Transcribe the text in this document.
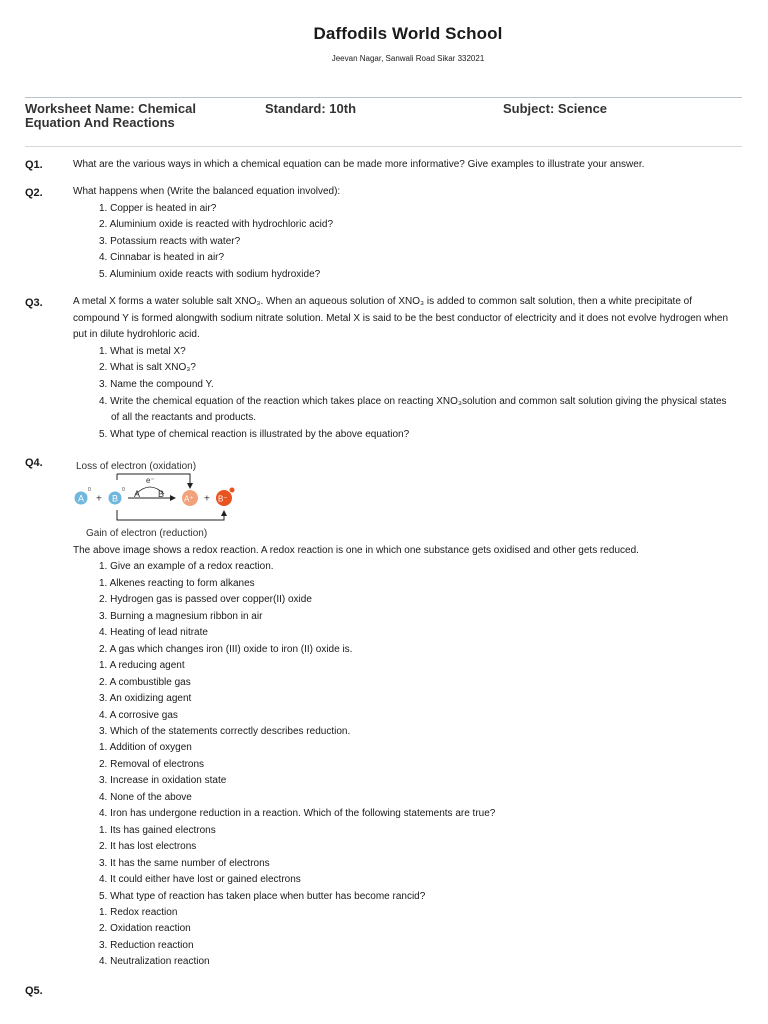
Daffodils World School
Jeevan Nagar, Sanwali Road Sikar 332021
Worksheet Name: Chemical Equation And Reactions
Standard: 10th	Subject: Science
Q1.	What are the various ways in which a chemical equation can be made more informative? Give examples to illustrate your answer.

Q2.	What happens when (Write the balanced equation involved):

1. Copper is heated in air?
2. Aluminium oxide is reacted with hydrochloric acid?
3. Potassium reacts with water?
4. Cinnabar is heated in air?
5. Aluminium oxide reacts with sodium hydroxide?
Q3.	A metal X forms a water soluble salt XNO₃. When an aqueous solution of XNO₃ is added to common salt solution, then a white precipitate of compound Y is formed alongwith sodium nitrate solution. Metal X is said to be the best conductor of electricity and it does not evolve hydrogen when put in dilute hydrohloric acid.

1. What is metal X?
2. What is salt XNO₃?
3. Name the compound Y.
4. Write the chemical equation of the reaction which takes place on reacting XNO₃solution and common salt solution giving the physical states of all the reactants and products.
5. What type of chemical reaction is illustrated by the above equation?
Q4.	Loss of electron (oxidation)
e⁻
A B
A
0
+ B
0
A⁺ + B⁻
Gain of electron (reduction)

The above image shows a redox reaction. A redox reaction is one in which one substance gets oxidised and other gets reduced.

1. Give an example of a redox reaction.

1. Alkenes reacting to form alkanes

2. Hydrogen gas is passed over copper(II) oxide

3. Burning a magnesium ribbon in air

4. Heating of lead nitrate

2. A gas which changes iron (III) oxide to iron (II) oxide is.

1. A reducing agent

2. A combustible gas

3. An oxidizing agent

4. A corrosive gas

3. Which of the statements correctly describes reduction.

1. Addition of oxygen

2. Removal of electrons

3. Increase in oxidation state

4. None of the above

4. Iron has undergone reduction in a reaction. Which of the following statements are true?

1. Its has gained electrons

2. It has lost electrons

3. It has the same number of electrons

4. It could either have lost or gained electrons

5. What type of reaction has taken place when butter has become rancid?

1. Redox reaction

2. Oxidation reaction

3. Reduction reaction

4. Neutralization reaction

Q5.
